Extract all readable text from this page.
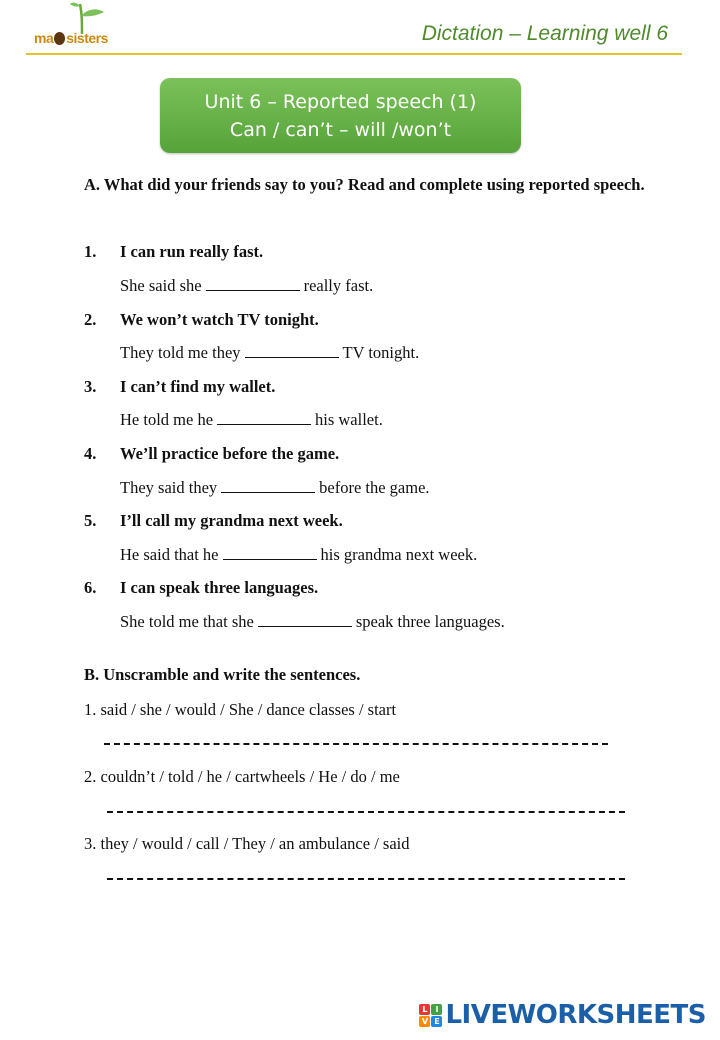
ma sisters	Dictation – Learning well 6
Unit 6 – Reported speech (1)
Can / can’t – will /won’t
A. What did your friends say to you? Read and complete using reported speech.
1. I can run really fast.
She said she	really fast.
2. We won’t watch TV tonight.
They told me they	TV tonight.
3. I can’t find my wallet.
He told me he	his wallet.
4. We’ll practice before the game.
They said they	before the game.
5. I’ll call my grandma next week.
He said that he	his grandma next week.
6. I can speak three languages.
She told me that she	speak three languages.
B. Unscramble and write the sentences.
1. said / she / would / She / dance classes / start
2. couldn’t / told / he / cartwheels / He / do / me
3. they / would / call / They / an ambulance / said
L I
V E LIVEWORKSHEETS
